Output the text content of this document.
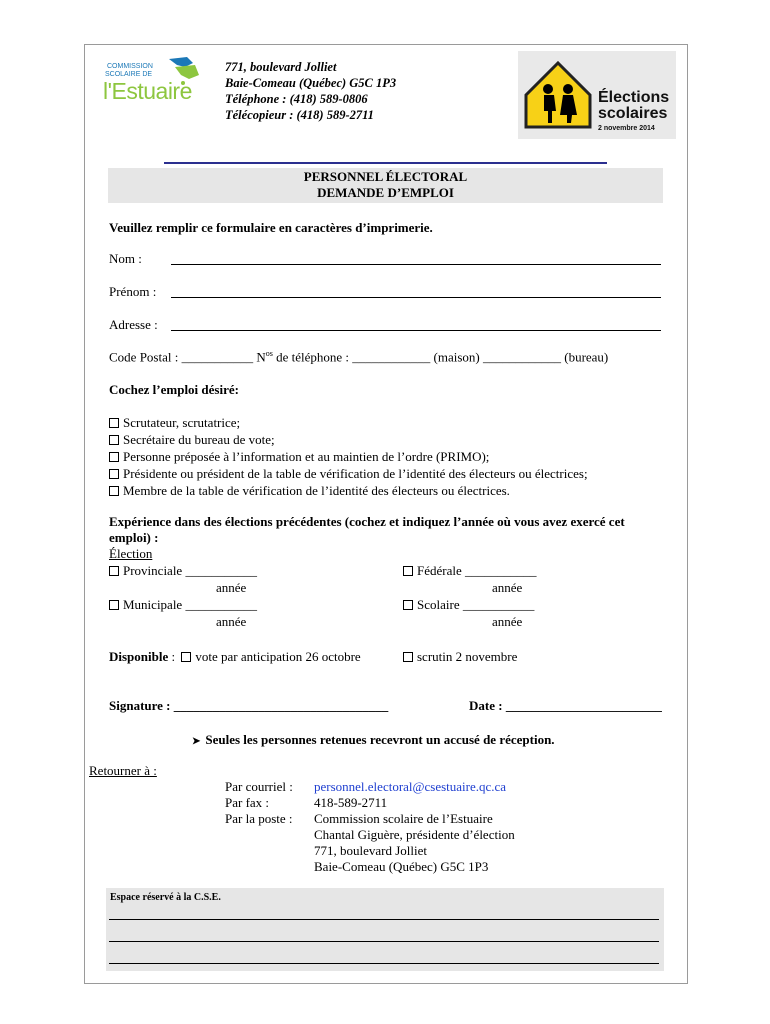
COMMISSION
SCOLAIRE DE
l'Estuaire
771, boulevard Jolliet
Baie-Comeau (Québec) G5C 1P3
Téléphone : (418) 589-0806
Télécopieur : (418) 589-2711
Élections
scolaires
2 novembre 2014
PERSONNEL ÉLECTORAL
DEMANDE D’EMPLOI
Veuillez remplir ce formulaire en caractères d’imprimerie.
Nom :
Prénom :
Adresse :
Code Postal : ___________ $N^{os}$ de téléphone : ____________ (maison) ____________ (bureau)
Cochez l’emploi désiré:
Scrutateur, scrutatrice;
Secrétaire du bureau de vote;
Personne préposée à l’information et au maintien de l’ordre (PRIMO);
Présidente ou président de la table de vérification de l’identité des électeurs ou électrices;
Membre de la table de vérification de l’identité des électeurs ou électrices.
Expérience dans des élections précédentes (cochez et indiquez l’année où vous avez exercé cet
emploi) :
Élection
Provinciale ___________
année
Fédérale ___________
année
Municipale ___________
année
Scolaire ___________
année
Disponible : vote par anticipation 26 octobre	scrutin 2 novembre
Signature : _________________________________	Date : ________________________
➤ Seules les personnes retenues recevront un accusé de réception.
Retourner à :
Par courriel :
Par fax :
Par la poste :
personnel.electoral@csestuaire.qc.ca
418-589-2711
Commission scolaire de l’Estuaire
Chantal Giguère, présidente d’élection
771, boulevard Jolliet
Baie-Comeau (Québec) G5C 1P3
Espace réservé à la C.S.E.
